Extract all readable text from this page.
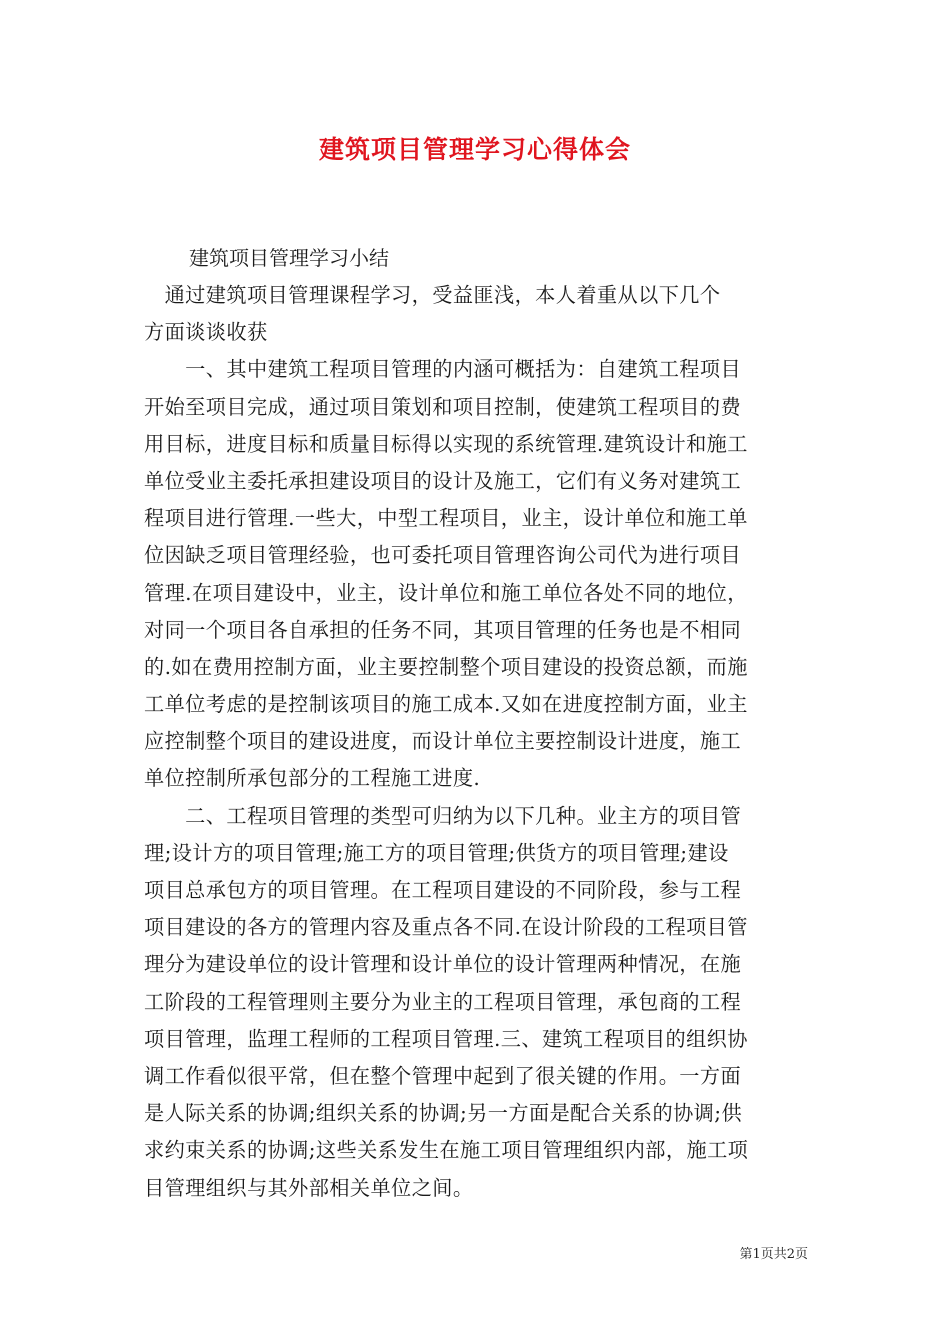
建筑项目管理学习心得体会
建筑项目管理学习小结
　通过建筑项目管理课程学习，受益匪浅，本人着重从以下几个
方面谈谈收获
　　一、其中建筑工程项目管理的内涵可概括为：自建筑工程项目
开始至项目完成，通过项目策划和项目控制，使建筑工程项目的费
用目标，进度目标和质量目标得以实现的系统管理.建筑设计和施工
单位受业主委托承担建设项目的设计及施工，它们有义务对建筑工
程项目进行管理.一些大，中型工程项目，业主，设计单位和施工单
位因缺乏项目管理经验，也可委托项目管理咨询公司代为进行项目
管理.在项目建设中，业主，设计单位和施工单位各处不同的地位，
对同一个项目各自承担的任务不同，其项目管理的任务也是不相同
的.如在费用控制方面，业主要控制整个项目建设的投资总额，而施
工单位考虑的是控制该项目的施工成本.又如在进度控制方面，业主
应控制整个项目的建设进度，而设计单位主要控制设计进度，施工
单位控制所承包部分的工程施工进度.
　　二、工程项目管理的类型可归纳为以下几种。业主方的项目管
理;设计方的项目管理;施工方的项目管理;供货方的项目管理;建设
项目总承包方的项目管理。在工程项目建设的不同阶段，参与工程
项目建设的各方的管理内容及重点各不同.在设计阶段的工程项目管
理分为建设单位的设计管理和设计单位的设计管理两种情况，在施
工阶段的工程管理则主要分为业主的工程项目管理，承包商的工程
项目管理，监理工程师的工程项目管理.三、建筑工程项目的组织协
调工作看似很平常，但在整个管理中起到了很关键的作用。一方面
是人际关系的协调;组织关系的协调;另一方面是配合关系的协调;供
求约束关系的协调;这些关系发生在施工项目管理组织内部，施工项
目管理组织与其外部相关单位之间。
第1页共2页
